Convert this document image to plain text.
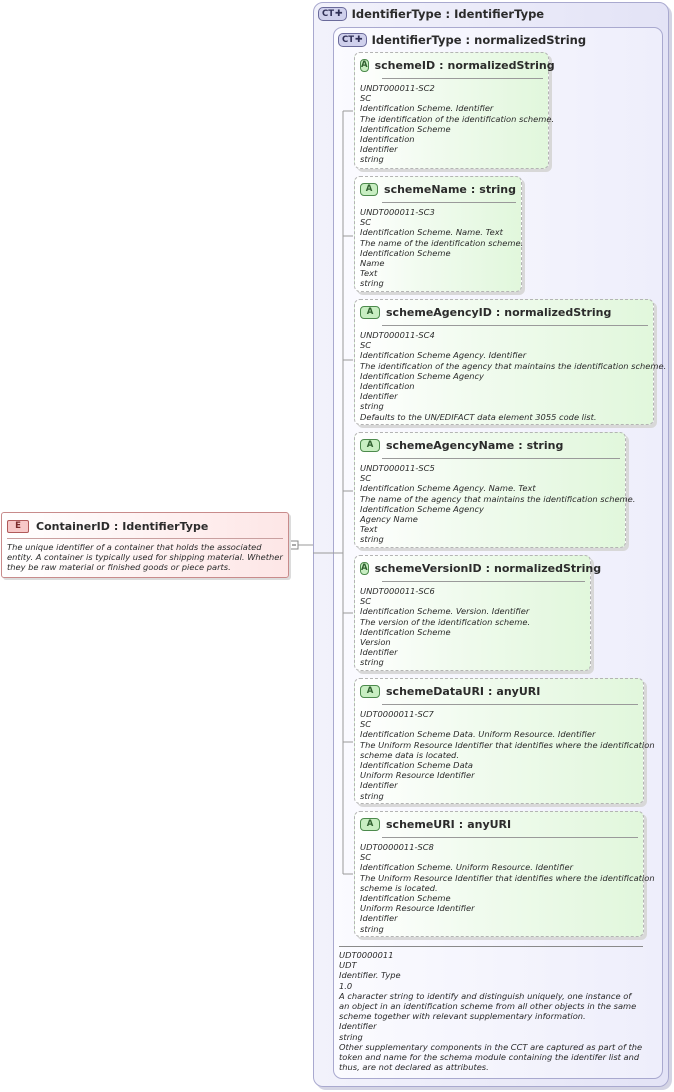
CT ✚ IdentifierType : IdentifierType
CT ✚ IdentifierType : normalizedString
E	ContainerID : IdentifierType
The unique identifier of a container that holds the associated entity. A container is typically used for shipping material. Whether they be raw material or finished goods or piece parts.
A schemeID : normalizedString
UNDT000011-SC2
SC
Identification Scheme. Identifier
The identification of the identification scheme.
Identification Scheme
Identification
Identifier
string
A	schemeName : string
UNDT000011-SC3
SC
Identification Scheme. Name. Text
The name of the identification scheme.
Identification Scheme
Name
Text
string
A	schemeAgencyID : normalizedString
UNDT000011-SC4
SC
Identification Scheme Agency. Identifier
The identification of the agency that maintains the identification scheme.
Identification Scheme Agency
Identification
Identifier
string
Defaults to the UN/EDIFACT data element 3055 code list.
A	schemeAgencyName : string
UNDT000011-SC5
SC
Identification Scheme Agency. Name. Text
The name of the agency that maintains the identification scheme.
Identification Scheme Agency
Agency Name
Text
string
A schemeVersionID : normalizedString
UNDT000011-SC6
SC
Identification Scheme. Version. Identifier
The version of the identification scheme.
Identification Scheme
Version
Identifier
string
A	schemeDataURI : anyURI
UDT0000011-SC7
SC
Identification Scheme Data. Uniform Resource. Identifier
The Uniform Resource Identifier that identifies where the identification
scheme data is located.
Identification Scheme Data
Uniform Resource Identifier
Identifier
string
A	schemeURI : anyURI
UDT0000011-SC8
SC
Identification Scheme. Uniform Resource. Identifier
The Uniform Resource Identifier that identifies where the identification
scheme is located.
Identification Scheme
Uniform Resource Identifier
Identifier
string
UDT0000011
UDT
Identifier. Type
1.0
A character string to identify and distinguish uniquely, one instance of an object in an identification scheme from all other objects in the same scheme together with relevant supplementary information.
Identifier
string
Other supplementary components in the CCT are captured as part of the token and name for the schema module containing the identifer list and thus, are not declared as attributes.
